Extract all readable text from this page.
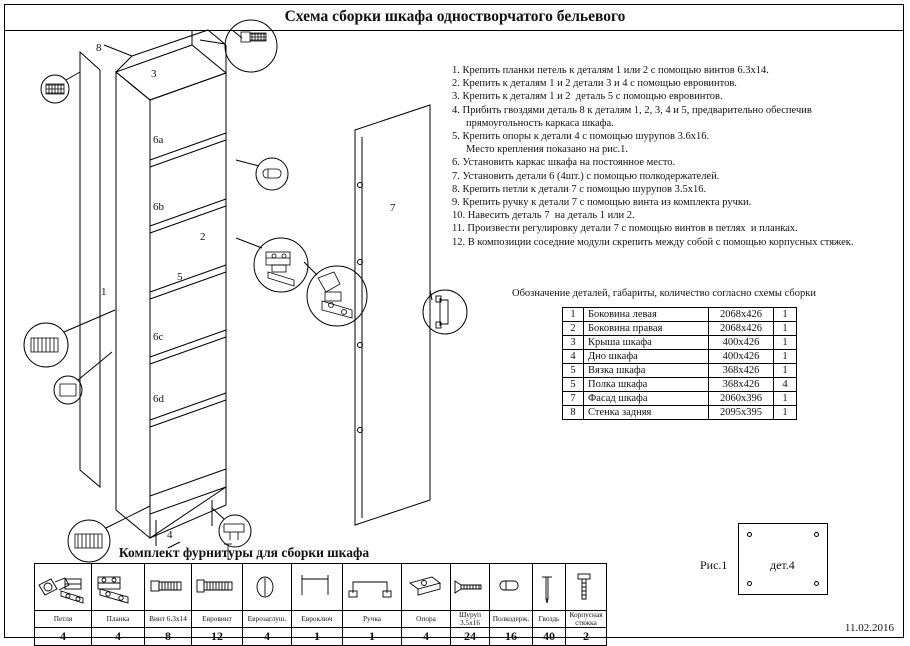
Схема сборки шкафа одностворчатого бельевого
8
3
6a
6b
2
5
6c
6d
1
4
7
1. Крепить планки петель к деталям 1 или 2 с помощью винтов 6.3x14.
2. Крепить к деталям 1 и 2 детали 3 и 4 с помощью евровинтов.
3. Крепить к деталям 1 и 2  деталь 5 с помощью евровинтов.
4. Прибить гвоздями деталь 8 к деталям 1, 2, 3, 4 и 5, предварительно обеспечив
прямоугольность каркаса шкафа.
5. Крепить опоры к детали 4 с помощью шурупов 3.6x16.
Место крепления показано на рис.1.
6. Установить каркас шкафа на постоянное место.
7. Установить детали 6 (4шт.) с помощью полкодержателей.
8. Крепить петли к детали 7 с помощью шурупов 3.5x16.
9. Крепить ручку к детали 7 с помощью винта из комплекта ручки.
10. Навесить деталь 7  на деталь 1 или 2.
11. Произвести регулировку детали 7 с помощью винтов в петлях  и планках.
12. В композиции соседние модули скрепить между собой с помощью корпусных стяжек.
Обозначение деталей, габариты, количество согласно схемы сборки
1	Боковина левая	2068x426	1
2	Боковина правая	2068x426	1
3	Крыша шкафа	400x426	1
4	Дно шкафа	400x426	1
5	Вязка шкафа	368x426	1
5	Полка шкафа	368x426	4
7	Фасад шкафа	2060x396	1
8	Стенка задняя	2095x395	1
Рис.1	дет.4
11.02.2016
Комплект фурнитуры для сборки шкафа

Петля	Планка	Винт 6.3х14	Евровинт	Еврозаглуш.	Евроключ	Ручка	Опора	Шуруп 3.5х16	Полкодерж.	Гвоздь	Корпусная стяжка
4	4	8	12	4	1	1	4	24	16	40	2
